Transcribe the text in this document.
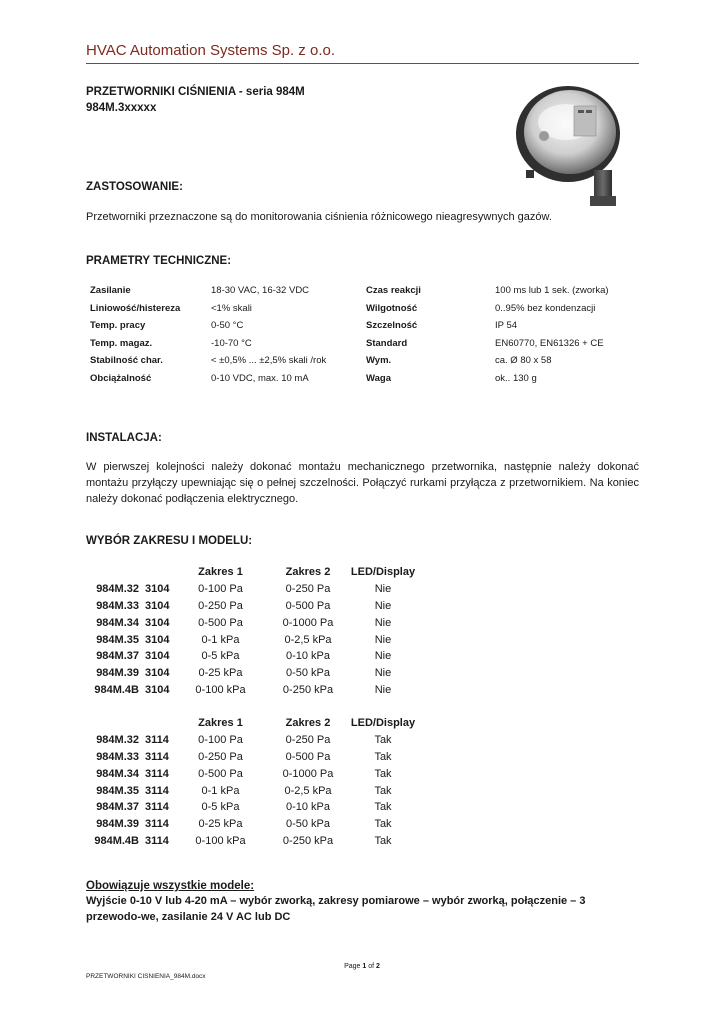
HVAC Automation Systems Sp. z o.o.
PRZETWORNIKI CIŚNIENIA - seria 984M
984M.3xxxxx
ZASTOSOWANIE:
Przetworniki przeznaczone są do monitorowania ciśnienia różnicowego nieagresywnych gazów.
PRAMETRY TECHNICZNE:
Zasilanie	18-30 VAC, 16-32 VDC	Czas reakcji	100 ms lub 1 sek. (zworka)
Liniowość/histereza	<1% skali	Wilgotność	0..95% bez kondenzacji
Temp. pracy	0-50 °C	Szczelność	IP 54
Temp. magaz.	-10-70 °C	Standard	EN60770, EN61326 + CE
Stabilność char.	< ±0,5% ... ±2,5% skali /rok	Wym.	ca. Ø 80 x 58
Obciążalność	0-10 VDC, max. 10 mA	Waga	ok.. 130 g
INSTALACJA:
W pierwszej kolejności należy dokonać montażu mechanicznego przetwornika, następnie należy dokonać montażu przyłączy upewniając się o pełnej szczelności. Połączyć rurkami przyłącza z przetwornikiem. Na koniec należy dokonać podłączenia elektrycznego.
WYBÓR ZAKRESU I MODELU:
		Zakres 1	Zakres 2	LED/Display
984M.32	3104	0-100 Pa	0-250 Pa	Nie
984M.33	3104	0-250 Pa	0-500 Pa	Nie
984M.34	3104	0-500 Pa	0-1000 Pa	Nie
984M.35	3104	0-1 kPa	0-2,5 kPa	Nie
984M.37	3104	0-5 kPa	0-10 kPa	Nie
984M.39	3104	0-25 kPa	0-50 kPa	Nie
984M.4B	3104	0-100 kPa	0-250 kPa	Nie
		Zakres 1	Zakres 2	LED/Display
984M.32	3114	0-100 Pa	0-250 Pa	Tak
984M.33	3114	0-250 Pa	0-500 Pa	Tak
984M.34	3114	0-500 Pa	0-1000 Pa	Tak
984M.35	3114	0-1 kPa	0-2,5 kPa	Tak
984M.37	3114	0-5 kPa	0-10 kPa	Tak
984M.39	3114	0-25 kPa	0-50 kPa	Tak
984M.4B	3114	0-100 kPa	0-250 kPa	Tak
Obowiązuje wszystkie modele:
Wyjście 0-10 V lub 4-20 mA – wybór zworką, zakresy pomiarowe – wybór zworką, połączenie – 3 przewodo-we, zasilanie 24 V AC lub DC
Page 1 of 2
PRZETWORNIKI CISNIENIA_984M.docx
